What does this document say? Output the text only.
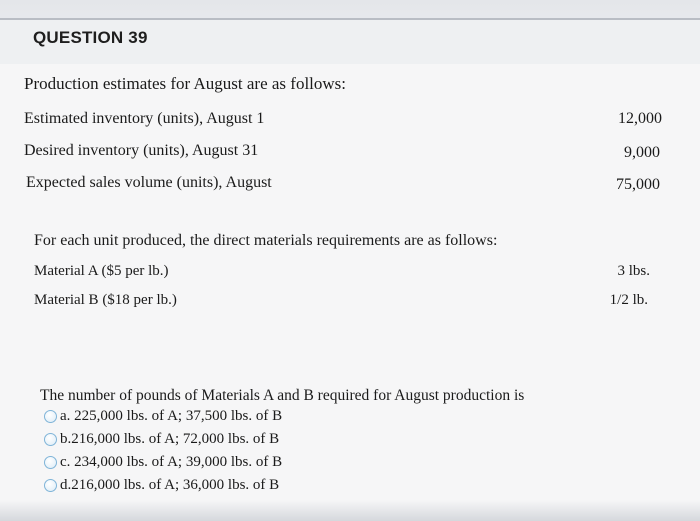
QUESTION 39
Production estimates for August are as follows:
Estimated inventory (units), August 1	12,000
Desired inventory (units), August 31	9,000
Expected sales volume (units), August	75,000
For each unit produced, the direct materials requirements are as follows:
Material A ($5 per lb.)	3 lbs.
Material B ($18 per lb.)	1/2 lb.
The number of pounds of Materials A and B required for August production is
a. 225,000 lbs. of A; 37,500 lbs. of B
b.216,000 lbs. of A; 72,000 lbs. of B
c. 234,000 lbs. of A; 39,000 lbs. of B
d.216,000 lbs. of A; 36,000 lbs. of B
